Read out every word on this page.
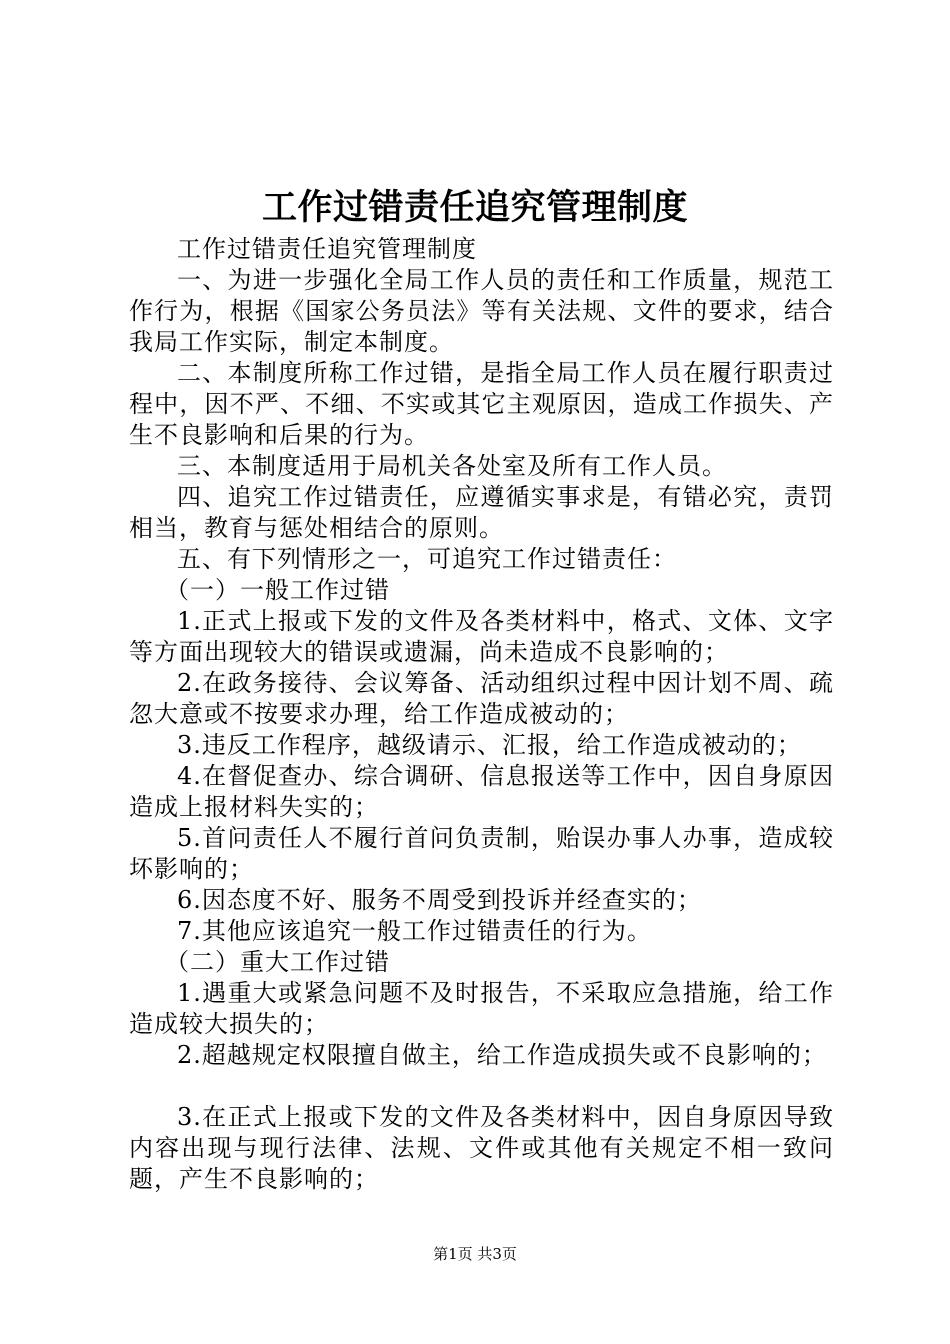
工作过错责任追究管理制度

工作过错责任追究管理制度

一、为进一步强化全局工作人员的责任和工作质量，规范工作行为，根据《国家公务员法》等有关法规、文件的要求，结合我局工作实际，制定本制度。

二、本制度所称工作过错，是指全局工作人员在履行职责过程中，因不严、不细、不实或其它主观原因，造成工作损失、产生不良影响和后果的行为。

三、本制度适用于局机关各处室及所有工作人员。

四、追究工作过错责任，应遵循实事求是，有错必究，责罚相当，教育与惩处相结合的原则。

五、有下列情形之一，可追究工作过错责任：

（一）一般工作过错

1.正式上报或下发的文件及各类材料中，格式、文体、文字等方面出现较大的错误或遗漏，尚未造成不良影响的；

2.在政务接待、会议筹备、活动组织过程中因计划不周、疏忽大意或不按要求办理，给工作造成被动的；

3.违反工作程序，越级请示、汇报，给工作造成被动的；

4.在督促查办、综合调研、信息报送等工作中，因自身原因造成上报材料失实的；

5.首问责任人不履行首问负责制，贻误办事人办事，造成较坏影响的；

6.因态度不好、服务不周受到投诉并经查实的；

7.其他应该追究一般工作过错责任的行为。

（二）重大工作过错

1.遇重大或紧急问题不及时报告，不采取应急措施，给工作造成较大损失的；

2.超越规定权限擅自做主，给工作造成损失或不良影响的；

3.在正式上报或下发的文件及各类材料中，因自身原因导致内容出现与现行法律、法规、文件或其他有关规定不相一致问题，产生不良影响的；

第1页 共3页
